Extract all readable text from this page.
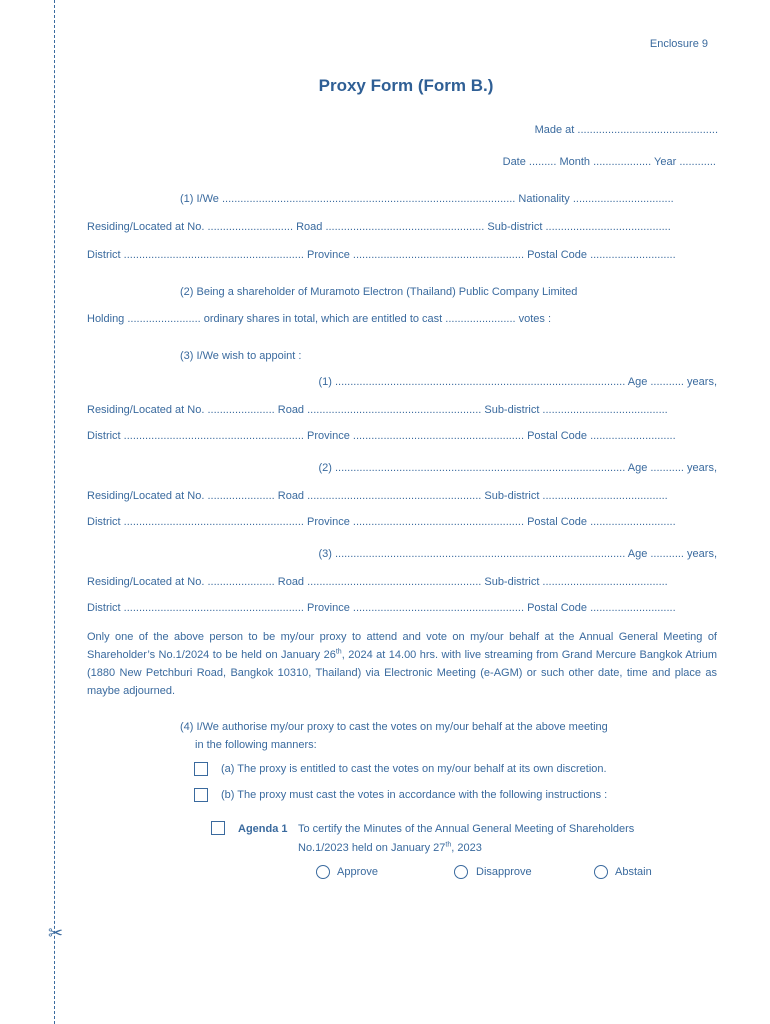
✂
Enclosure 9
Proxy Form (Form B.)
Made at ..............................................
Date ......... Month ................... Year ............
(1) I/We ................................................................................................ Nationality .................................
Residing/Located at No. ............................ Road .................................................... Sub-district .........................................
District ........................................................... Province ........................................................ Postal Code ............................
(2) Being a shareholder of Muramoto Electron (Thailand) Public Company Limited
Holding ........................ ordinary shares in total, which are entitled to cast ....................... votes :
(3) I/We wish to appoint :
(1) ............................................................................................... Age ........... years,
Residing/Located at No. ...................... Road ......................................................... Sub-district .........................................
District ........................................................... Province ........................................................ Postal Code ............................
(2) ............................................................................................... Age ........... years,
Residing/Located at No. ...................... Road ......................................................... Sub-district .........................................
District ........................................................... Province ........................................................ Postal Code ............................
(3) ............................................................................................... Age ........... years,
Residing/Located at No. ...................... Road ......................................................... Sub-district .........................................
District ........................................................... Province ........................................................ Postal Code ............................
Only one of the above person to be my/our proxy to attend and vote on my/our behalf at the Annual General Meeting of Shareholder’s No.1/2024 to be held on January 26th, 2024 at 14.00 hrs. with live streaming from Grand Mercure Bangkok Atrium (1880 New Petchburi Road, Bangkok 10310, Thailand) via Electronic Meeting (e-AGM) or such other date, time and place as maybe adjourned.
(4) I/We authorise my/our proxy to cast the votes on my/our behalf at the above meeting
in the following manners:
(a) The proxy is entitled to cast the votes on my/our behalf at its own discretion.
(b) The proxy must cast the votes in accordance with the following instructions :
Agenda 1 To certify the Minutes of the Annual General Meeting of Shareholders
No.1/2023 held on January 27th, 2023
Approve	Disapprove	Abstain
